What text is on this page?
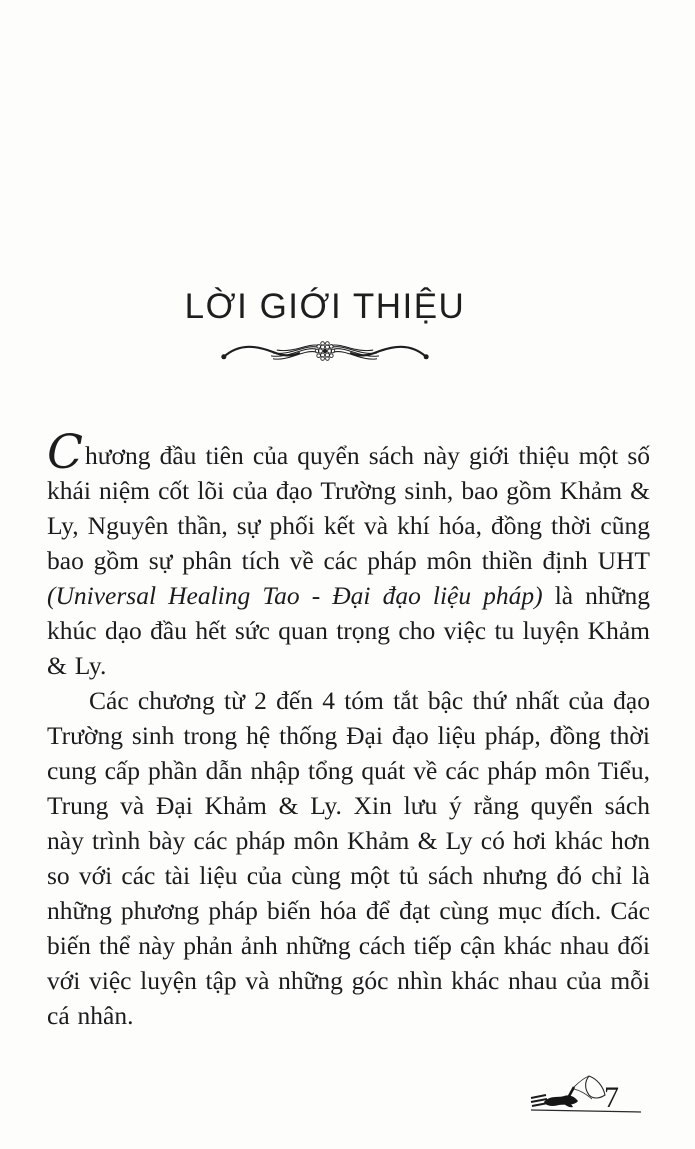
LỜI GIỚI THIỆU

Chương đầu tiên của quyển sách này giới thiệu một số khái niệm cốt lõi của đạo Trường sinh, bao gồm Khảm & Ly, Nguyên thần, sự phối kết và khí hóa, đồng thời cũng bao gồm sự phân tích về các pháp môn thiền định UHT (Universal Healing Tao - Đại đạo liệu pháp) là những khúc dạo đầu hết sức quan trọng cho việc tu luyện Khảm & Ly.

Các chương từ 2 đến 4 tóm tắt bậc thứ nhất của đạo Trường sinh trong hệ thống Đại đạo liệu pháp, đồng thời cung cấp phần dẫn nhập tổng quát về các pháp môn Tiểu, Trung và Đại Khảm & Ly. Xin lưu ý rằng quyển sách này trình bày các pháp môn Khảm & Ly có hơi khác hơn so với các tài liệu của cùng một tủ sách nhưng đó chỉ là những phương pháp biến hóa để đạt cùng mục đích. Các biến thể này phản ảnh những cách tiếp cận khác nhau đối với việc luyện tập và những góc nhìn khác nhau của mỗi cá nhân.

7
